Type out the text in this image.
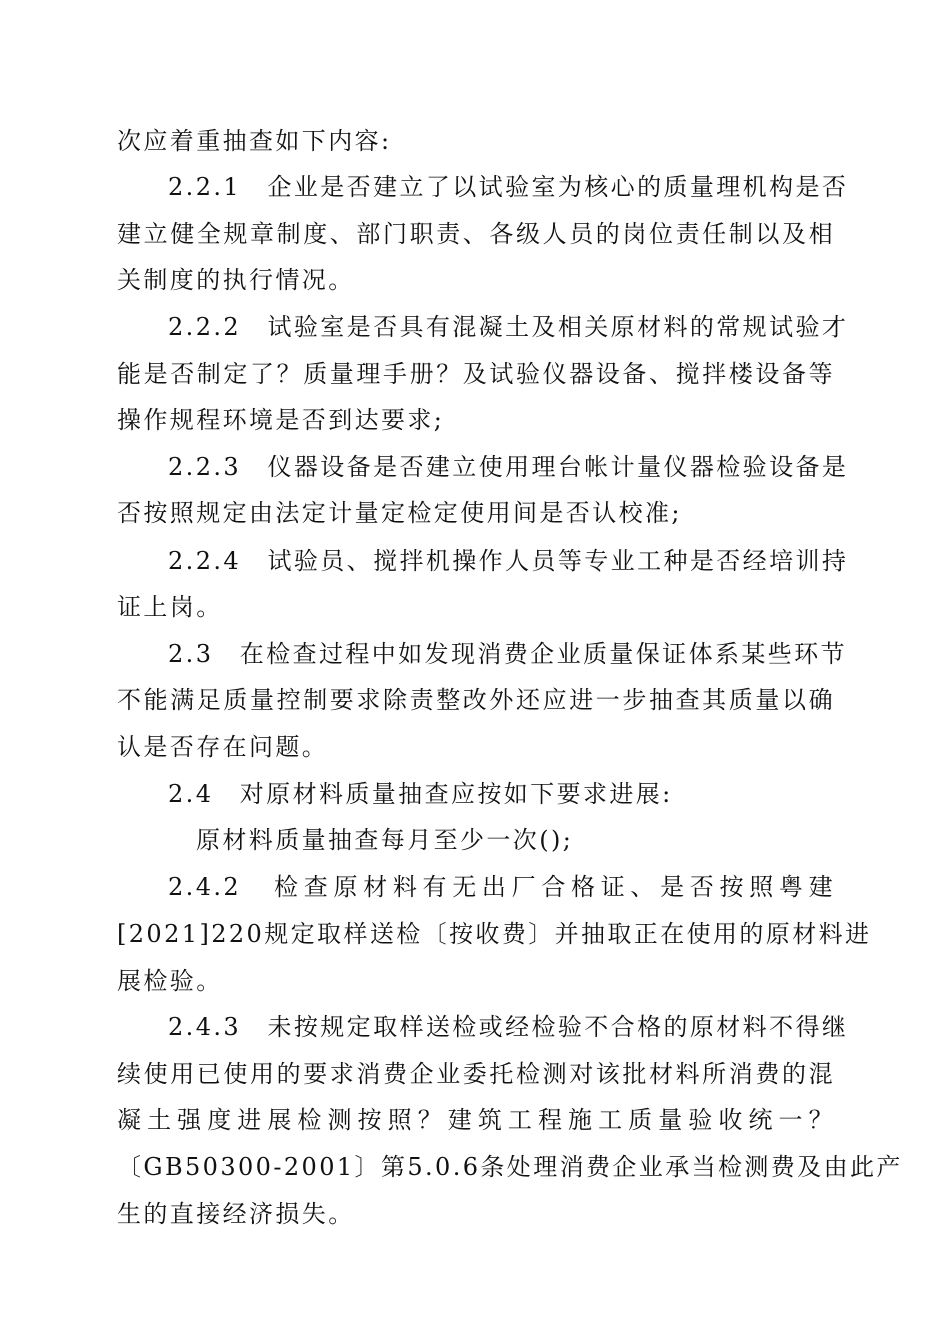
次应着重抽查如下内容:
2.2.1　企业是否建立了以试验室为核心的质量理机构是否
建立健全规章制度、部门职责、各级人员的岗位责任制以及相
关制度的执行情况。
2.2.2　试验室是否具有混凝土及相关原材料的常规试验才
能是否制定了？质量理手册？及试验仪器设备、搅拌楼设备等
操作规程环境是否到达要求;
2.2.3　仪器设备是否建立使用理台帐计量仪器检验设备是
否按照规定由法定计量定检定使用间是否认校准;
2.2.4　试验员、搅拌机操作人员等专业工种是否经培训持
证上岗。
2.3　在检查过程中如发现消费企业质量保证体系某些环节
不能满足质量控制要求除责整改外还应进一步抽查其质量以确
认是否存在问题。
2.4　对原材料质量抽查应按如下要求进展:
原材料质量抽查每月至少一次();
2.4.2　检查原材料有无出厂合格证、是否按照粤建
[2021]220规定取样送检〔按收费〕并抽取正在使用的原材料进
展检验。
2.4.3　未按规定取样送检或经检验不合格的原材料不得继
续使用已使用的要求消费企业委托检测对该批材料所消费的混
凝土强度进展检测按照？建筑工程施工质量验收统一？
〔GB50300-2001〕第5.0.6条处理消费企业承当检测费及由此产
生的直接经济损失。
